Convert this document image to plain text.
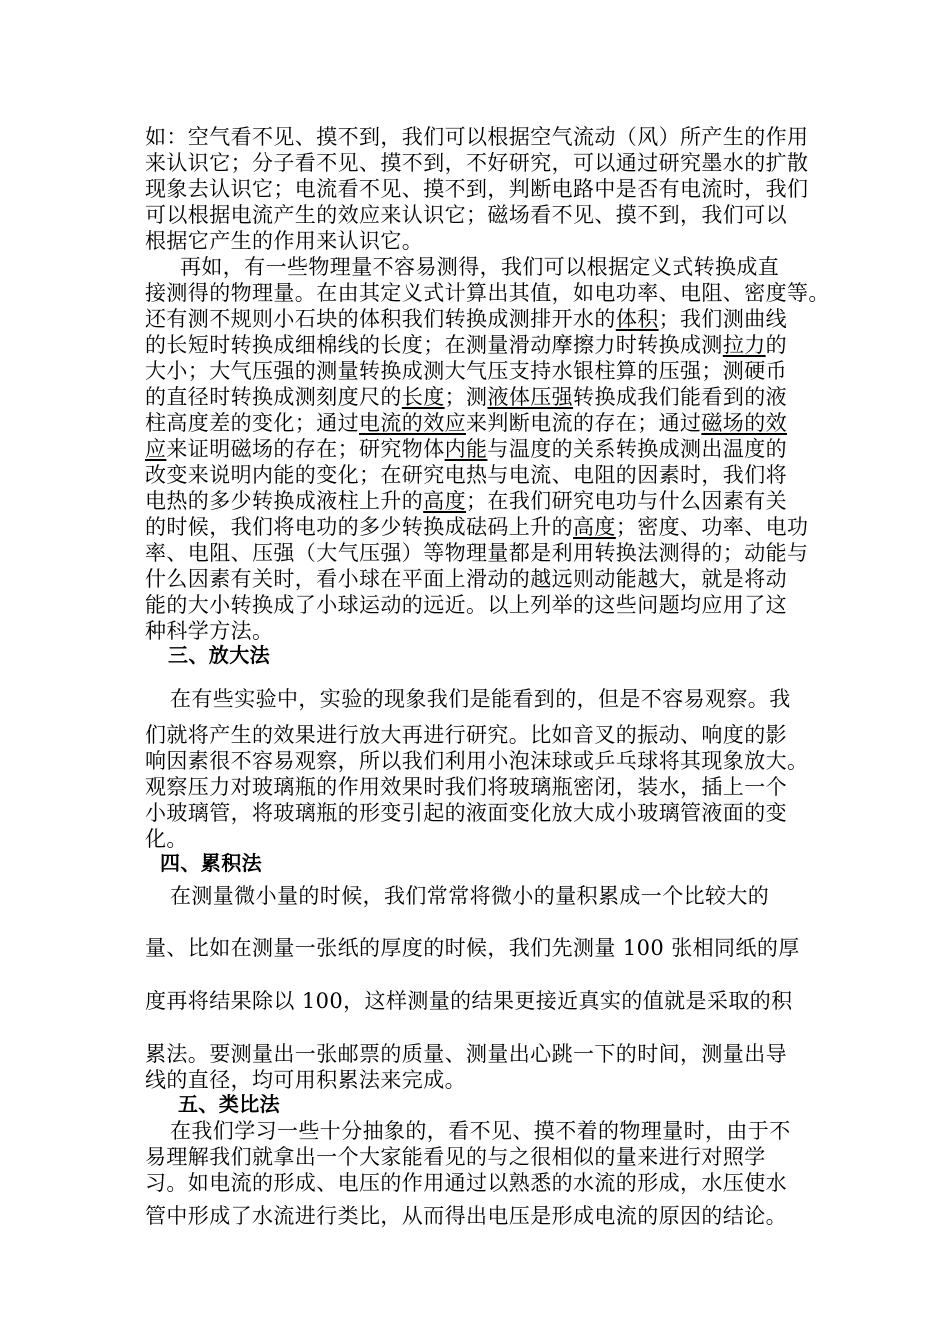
如：空气看不见、摸不到，我们可以根据空气流动（风）所产生的作用
来认识它；分子看不见、摸不到，不好研究，可以通过研究墨水的扩散
现象去认识它；电流看不见、摸不到，判断电路中是否有电流时，我们
可以根据电流产生的效应来认识它；磁场看不见、摸不到，我们可以
根据它产生的作用来认识它。
再如，有一些物理量不容易测得，我们可以根据定义式转换成直
接测得的物理量。在由其定义式计算出其值，如电功率、电阻、密度等。
还有测不规则小石块的体积我们转换成测排开水的体积；我们测曲线
的长短时转换成细棉线的长度；在测量滑动摩擦力时转换成测拉力的
大小；大气压强的测量转换成测大气压支持水银柱算的压强；测硬币
的直径时转换成测刻度尺的长度；测液体压强转换成我们能看到的液
柱高度差的变化；通过电流的效应来判断电流的存在；通过磁场的效
应来证明磁场的存在；研究物体内能与温度的关系转换成测出温度的
改变来说明内能的变化；在研究电热与电流、电阻的因素时，我们将
电热的多少转换成液柱上升的高度；在我们研究电功与什么因素有关
的时候，我们将电功的多少转换成砝码上升的高度；密度、功率、电功
率、电阻、压强（大气压强）等物理量都是利用转换法测得的；动能与
什么因素有关时，看小球在平面上滑动的越远则动能越大，就是将动
能的大小转换成了小球运动的远近。以上列举的这些问题均应用了这
种科学方法。
三、放大法
在有些实验中，实验的现象我们是能看到的，但是不容易观察。我
们就将产生的效果进行放大再进行研究。比如音叉的振动、响度的影
响因素很不容易观察，所以我们利用小泡沫球或乒乓球将其现象放大。
观察压力对玻璃瓶的作用效果时我们将玻璃瓶密闭，装水，插上一个
小玻璃管，将玻璃瓶的形变引起的液面变化放大成小玻璃管液面的变
化。
四、累积法
在测量微小量的时候，我们常常将微小的量积累成一个比较大的
量、比如在测量一张纸的厚度的时候，我们先测量 100 张相同纸的厚
度再将结果除以 100，这样测量的结果更接近真实的值就是采取的积
累法。要测量出一张邮票的质量、测量出心跳一下的时间，测量出导
线的直径，均可用积累法来完成。
五、类比法
在我们学习一些十分抽象的，看不见、摸不着的物理量时，由于不
易理解我们就拿出一个大家能看见的与之很相似的量来进行对照学
习。如电流的形成、电压的作用通过以熟悉的水流的形成，水压使水
管中形成了水流进行类比，从而得出电压是形成电流的原因的结论。
